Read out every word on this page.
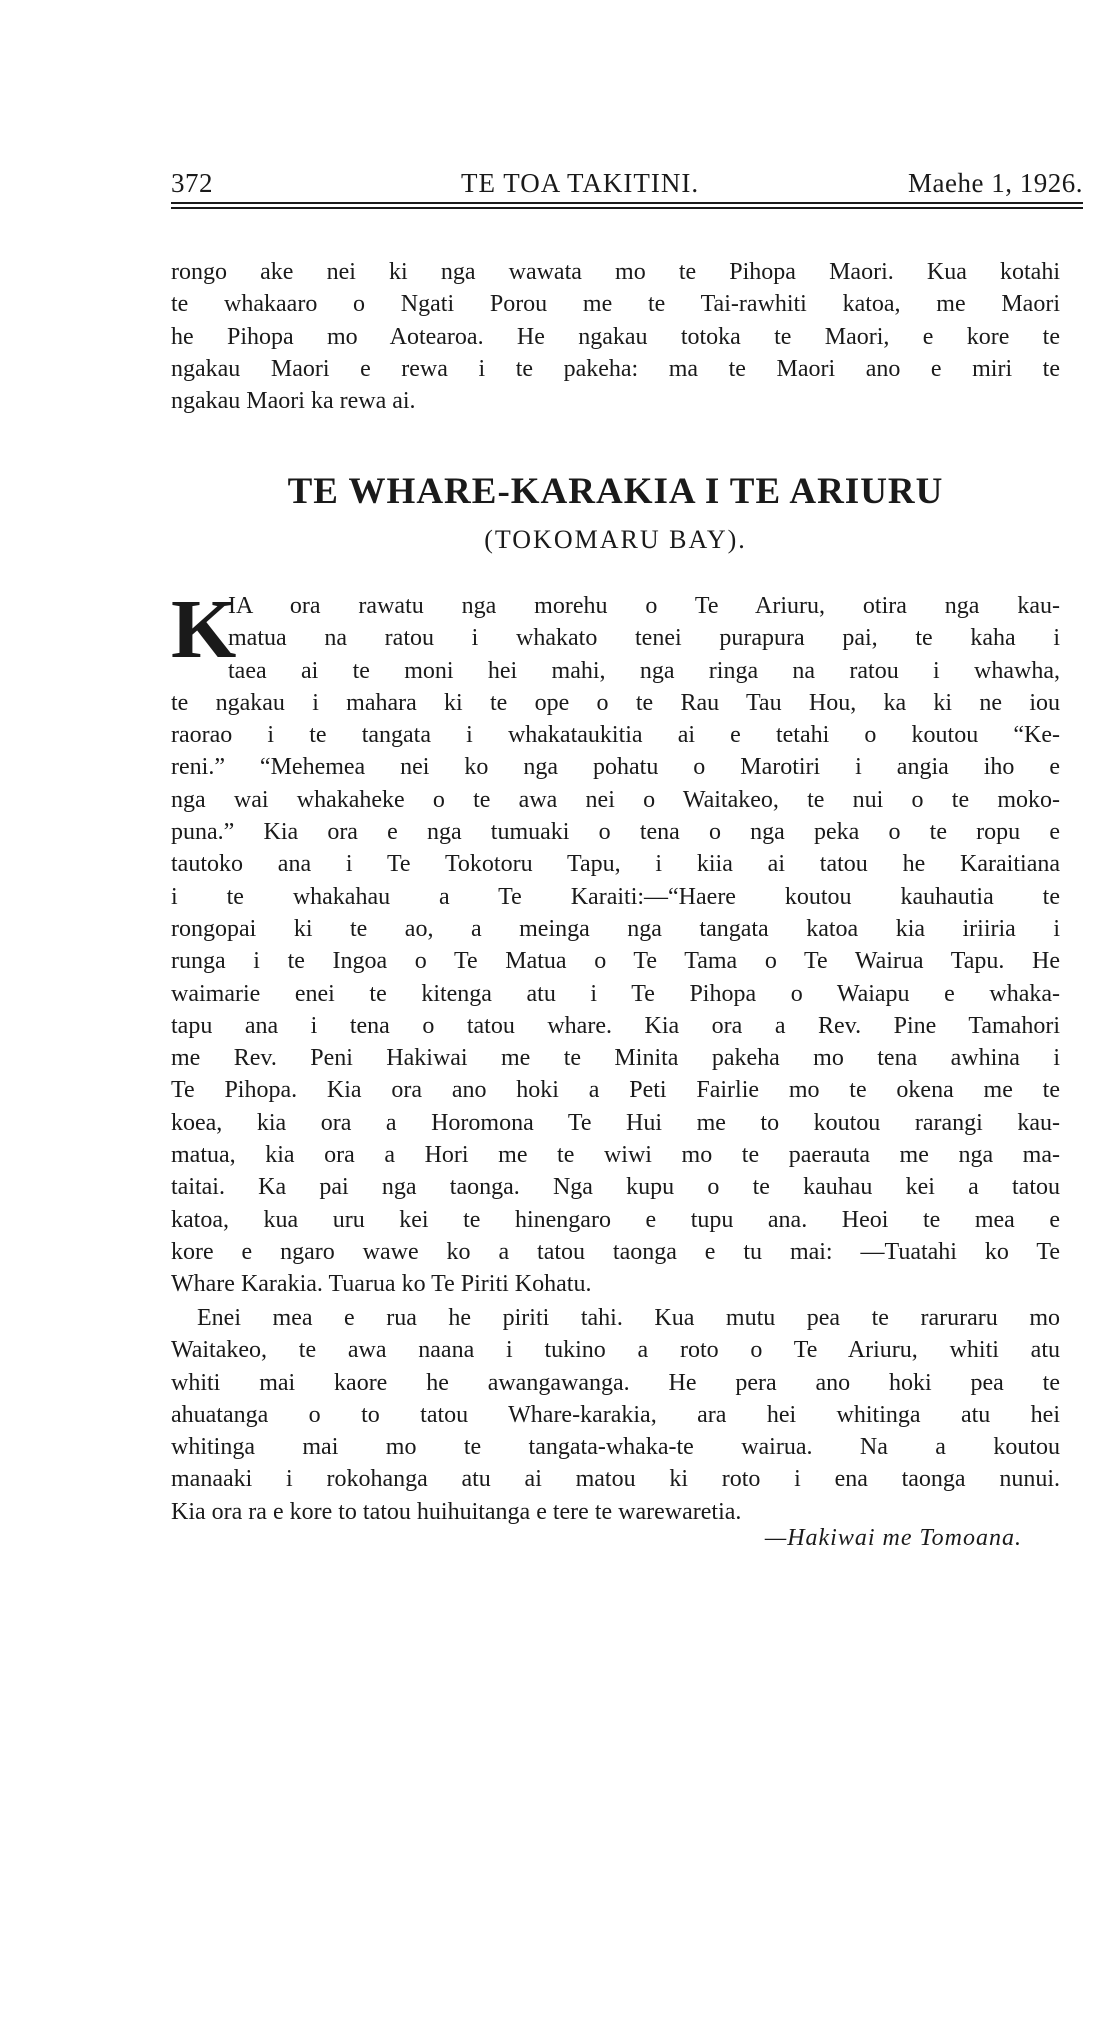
372	TE TOA TAKITINI.	Maehe 1, 1926.
rongo ake nei ki nga wawata mo te Pihopa Maori. Kua kotahi
te whakaaro o Ngati Porou me te Tai-rawhiti katoa, me Maori
he Pihopa mo Aotearoa. He ngakau totoka te Maori, e kore te
ngakau Maori e rewa i te pakeha: ma te Maori ano e miri te
ngakau Maori ka rewa ai.
TE WHARE-KARAKIA I TE ARIURU
(TOKOMARU BAY).
K
IA ora rawatu nga morehu o Te Ariuru, otira nga kau-
matua na ratou i whakato tenei purapura pai, te kaha i
taea ai te moni hei mahi, nga ringa na ratou i whawha,
te ngakau i mahara ki te ope o te Rau Tau Hou, ka ki ne iou
raorao i te tangata i whakataukitia ai e tetahi o koutou “Ke-
reni.” “Mehemea nei ko nga pohatu o Marotiri i angia iho e
nga wai whakaheke o te awa nei o Waitakeo, te nui o te moko-
puna.” Kia ora e nga tumuaki o tena o nga peka o te ropu e
tautoko ana i Te Tokotoru Tapu, i kiia ai tatou he Karaitiana
i te whakahau a Te Karaiti:—“Haere koutou kauhautia te
rongopai ki te ao, a meinga nga tangata katoa kia iriiria i
runga i te Ingoa o Te Matua o Te Tama o Te Wairua Tapu. He
waimarie enei te kitenga atu i Te Pihopa o Waiapu e whaka-
tapu ana i tena o tatou whare. Kia ora a Rev. Pine Tamahori
me Rev. Peni Hakiwai me te Minita pakeha mo tena awhina i
Te Pihopa. Kia ora ano hoki a Peti Fairlie mo te okena me te
koea, kia ora a Horomona Te Hui me to koutou rarangi kau-
matua, kia ora a Hori me te wiwi mo te paerauta me nga ma-
taitai. Ka pai nga taonga. Nga kupu o te kauhau kei a tatou
katoa, kua uru kei te hinengaro e tupu ana. Heoi te mea e
kore e ngaro wawe ko a tatou taonga e tu mai: —Tuatahi ko Te
Whare Karakia. Tuarua ko Te Piriti Kohatu.
Enei mea e rua he piriti tahi. Kua mutu pea te raruraru mo
Waitakeo, te awa naana i tukino a roto o Te Ariuru, whiti atu
whiti mai kaore he awangawanga. He pera ano hoki pea te
ahuatanga o to tatou Whare-karakia, ara hei whitinga atu hei
whitinga mai mo te tangata-whaka-te wairua. Na a koutou
manaaki i rokohanga atu ai matou ki roto i ena taonga nunui.
Kia ora ra e kore to tatou huihuitanga e tere te warewaretia.
—Hakiwai me Tomoana.
